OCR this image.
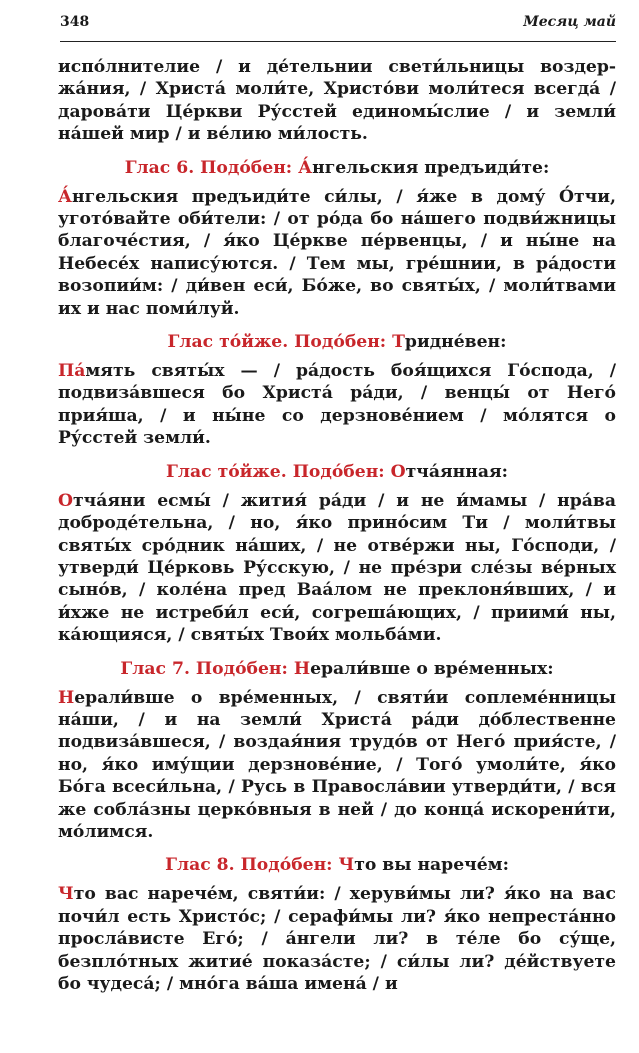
348	Месяц май

испо́лнителие / и де́тельнии свети́льницы воздержа́ния, / Христа́ моли́те, Христо́ви моли́теся всегда́ / дарова́ти Це́ркви Ру́сстей единомы́слие / и земли́ на́шей мир / и ве́лию ми́лость.

Глас 6. Подо́бен: А́нгельския предъиди́те:

А́нгельския предъиди́те си́лы, / я́же в дому́ О́тчи, угото́вайте оби́тели: / от ро́да бо на́шего подви́жницы благоче́стия, / я́ко Це́ркве пе́рвенцы, / и ны́не на Небесе́х напису́ются. / Тем мы, гре́шнии, в ра́дости возопии́м: / ди́вен еси́, Бо́же, во святы́х, / моли́твами их и нас поми́луй.

Глас то́йже. Подо́бен: Тридне́вен:

Па́мять святы́х — / ра́дость боя́щихся Го́спода, / подвиза́вшеся бо Христа́ ра́ди, / венцы́ от Него́ прия́ша, / и ны́не со дерзнове́нием / мо́лятся о Ру́сстей земли́.

Глас то́йже. Подо́бен: Отча́янная:

Отча́яни есмы́ / жития́ ра́ди / и не и́мамы / нра́ва доброде́тельна, / но, я́ко прино́сим Ти / моли́твы святы́х сро́дник на́ших, / не отве́ржи ны, Го́споди, / утверди́ Це́рковь Ру́сскую, / не пре́зри сле́зы ве́рных сыно́в, / коле́на пред Ваа́лом не преклоня́вших, / и и́хже не истреби́л еси́, согреша́ющих, / приими́ ны, ка́ющияся, / святы́х Твои́х мольба́ми.

Глас 7. Подо́бен: Нерали́вше о вре́менных:

Нерали́вше о вре́менных, / святи́и соплеме́нницы на́ши, / и на земли́ Христа́ ра́ди до́блественне подвиза́вшеся, / воздая́ния трудо́в от Него́ прия́сте, / но, я́ко иму́щии дерзнове́ние, / Того́ умоли́те, я́ко Бо́га всеси́льна, / Русь в Правосла́вии утверди́ти, / вся же собла́зны церко́вныя в ней / до конца́ искорени́ти, мо́лимся.

Глас 8. Подо́бен: Что вы нарече́м:

Что вас нарече́м, святи́и: / херуви́мы ли? я́ко на вас почи́л есть Христо́с; / серафи́мы ли? я́ко непреста́нно просла́висте Его́; / а́нгели ли? в те́ле бо су́ще, безпло́тных житие́ показа́сте; / си́лы ли? де́йствуете бо чудеса́; / мно́га ва́ша имена́ / и
